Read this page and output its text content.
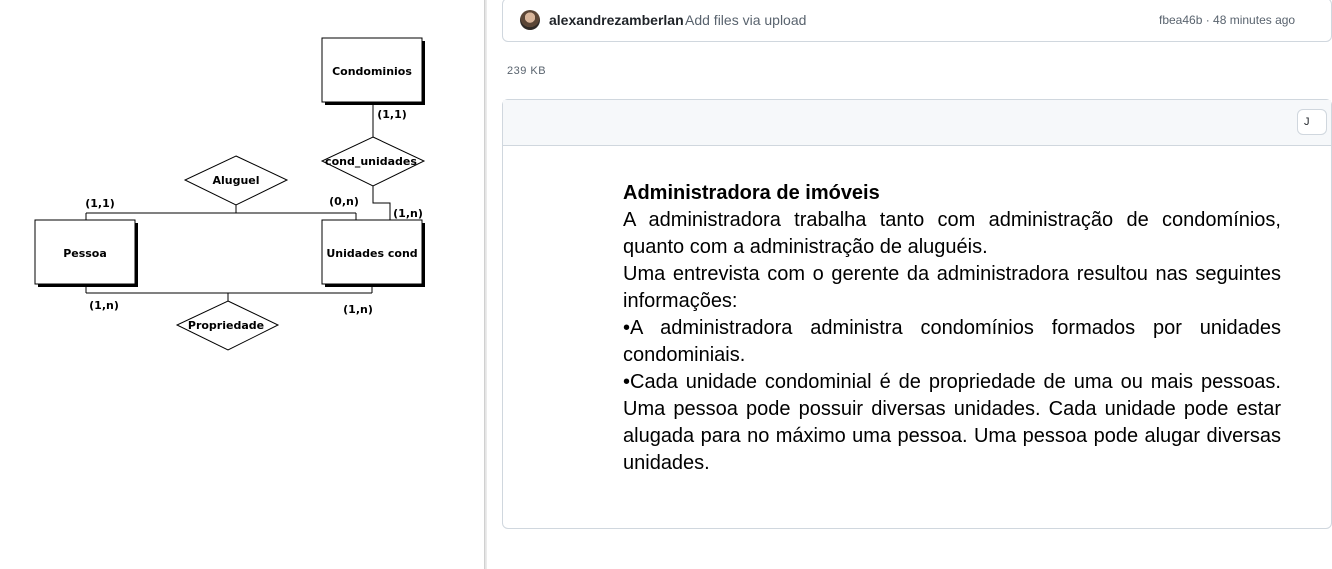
Condominios
Pessoa	Unidades cond
cond_unidades
Aluguel
Propriedade
(1,1)
(1,n)
(1,1)	(0,n)
(1,n)	(1,n)
alexandrezamberlan Add files via upload	fbea46b · 48 minutes ago
239 KB
J
Administradora de imóveis

A administradora trabalha tanto com administração de condomínios, quanto com a administração de aluguéis.

Uma entrevista com o gerente da administradora resultou nas seguintes informações:

•A administradora administra condomínios formados por unidades condominiais.

•Cada unidade condominial é de propriedade de uma ou mais pessoas. Uma pessoa pode possuir diversas unidades. Cada unidade pode estar alugada para no máximo uma pessoa. Uma pessoa pode alugar diversas unidades.
